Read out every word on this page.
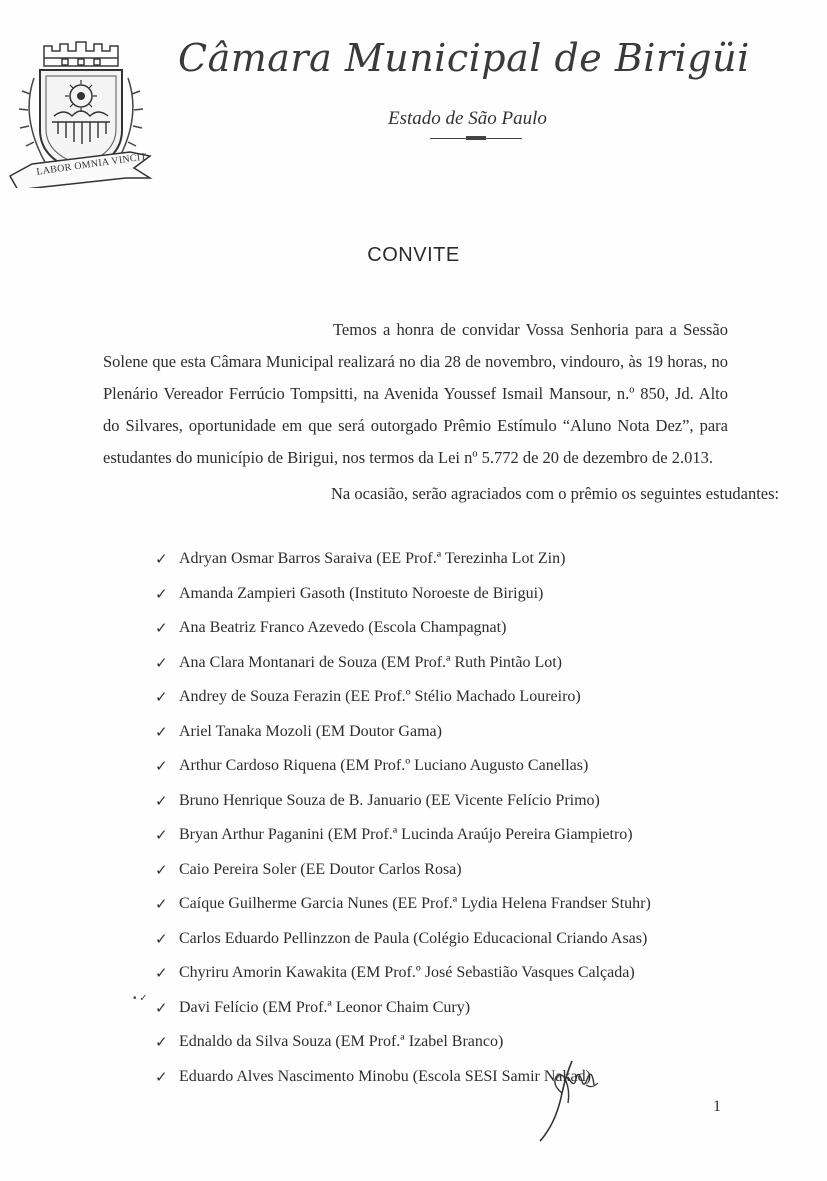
LABOR OMNIA VINCIT
Câmara Municipal de Birigüi
Estado de São Paulo
CONVITE
Temos a honra de convidar Vossa Senhoria para a Sessão Solene que esta Câmara Municipal realizará no dia 28 de novembro, vindouro, às 19 horas, no Plenário Vereador Ferrúcio Tompsitti, na Avenida Youssef Ismail Mansour, n.º 850, Jd. Alto do Silvares, oportunidade em que será outorgado Prêmio Estímulo “Aluno Nota Dez”, para estudantes do município de Birigui, nos termos da Lei nº 5.772 de 20 de dezembro de 2.013.
Na ocasião, serão agraciados com o prêmio os seguintes estudantes:
✓ Adryan Osmar Barros Saraiva (EE Prof.ª Terezinha Lot Zin)
✓ Amanda Zampieri Gasoth (Instituto Noroeste de Birigui)
✓ Ana Beatriz Franco Azevedo (Escola Champagnat)
✓ Ana Clara Montanari de Souza (EM Prof.ª Ruth Pintão Lot)
✓ Andrey de Souza Ferazin (EE Prof.º Stélio Machado Loureiro)
✓ Ariel Tanaka Mozoli (EM Doutor Gama)
✓ Arthur Cardoso Riquena (EM Prof.º Luciano Augusto Canellas)
✓ Bruno Henrique Souza de B. Januario (EE Vicente Felício Primo)
✓ Bryan Arthur Paganini (EM Prof.ª Lucinda Araújo Pereira Giampietro)
✓ Caio Pereira Soler (EE Doutor Carlos Rosa)
✓ Caíque Guilherme Garcia Nunes (EE Prof.ª Lydia Helena Frandser Stuhr)
✓ Carlos Eduardo Pellinzzon de Paula (Colégio Educacional Criando Asas)
✓ Chyriru Amorin Kawakita (EM Prof.º José Sebastião Vasques Calçada)
✓ Davi Felício (EM Prof.ª Leonor Chaim Cury)
✓ Ednaldo da Silva Souza (EM Prof.ª Izabel Branco)
✓ Eduardo Alves Nascimento Minobu (Escola SESI Samir Nakad)
• ✓
1
